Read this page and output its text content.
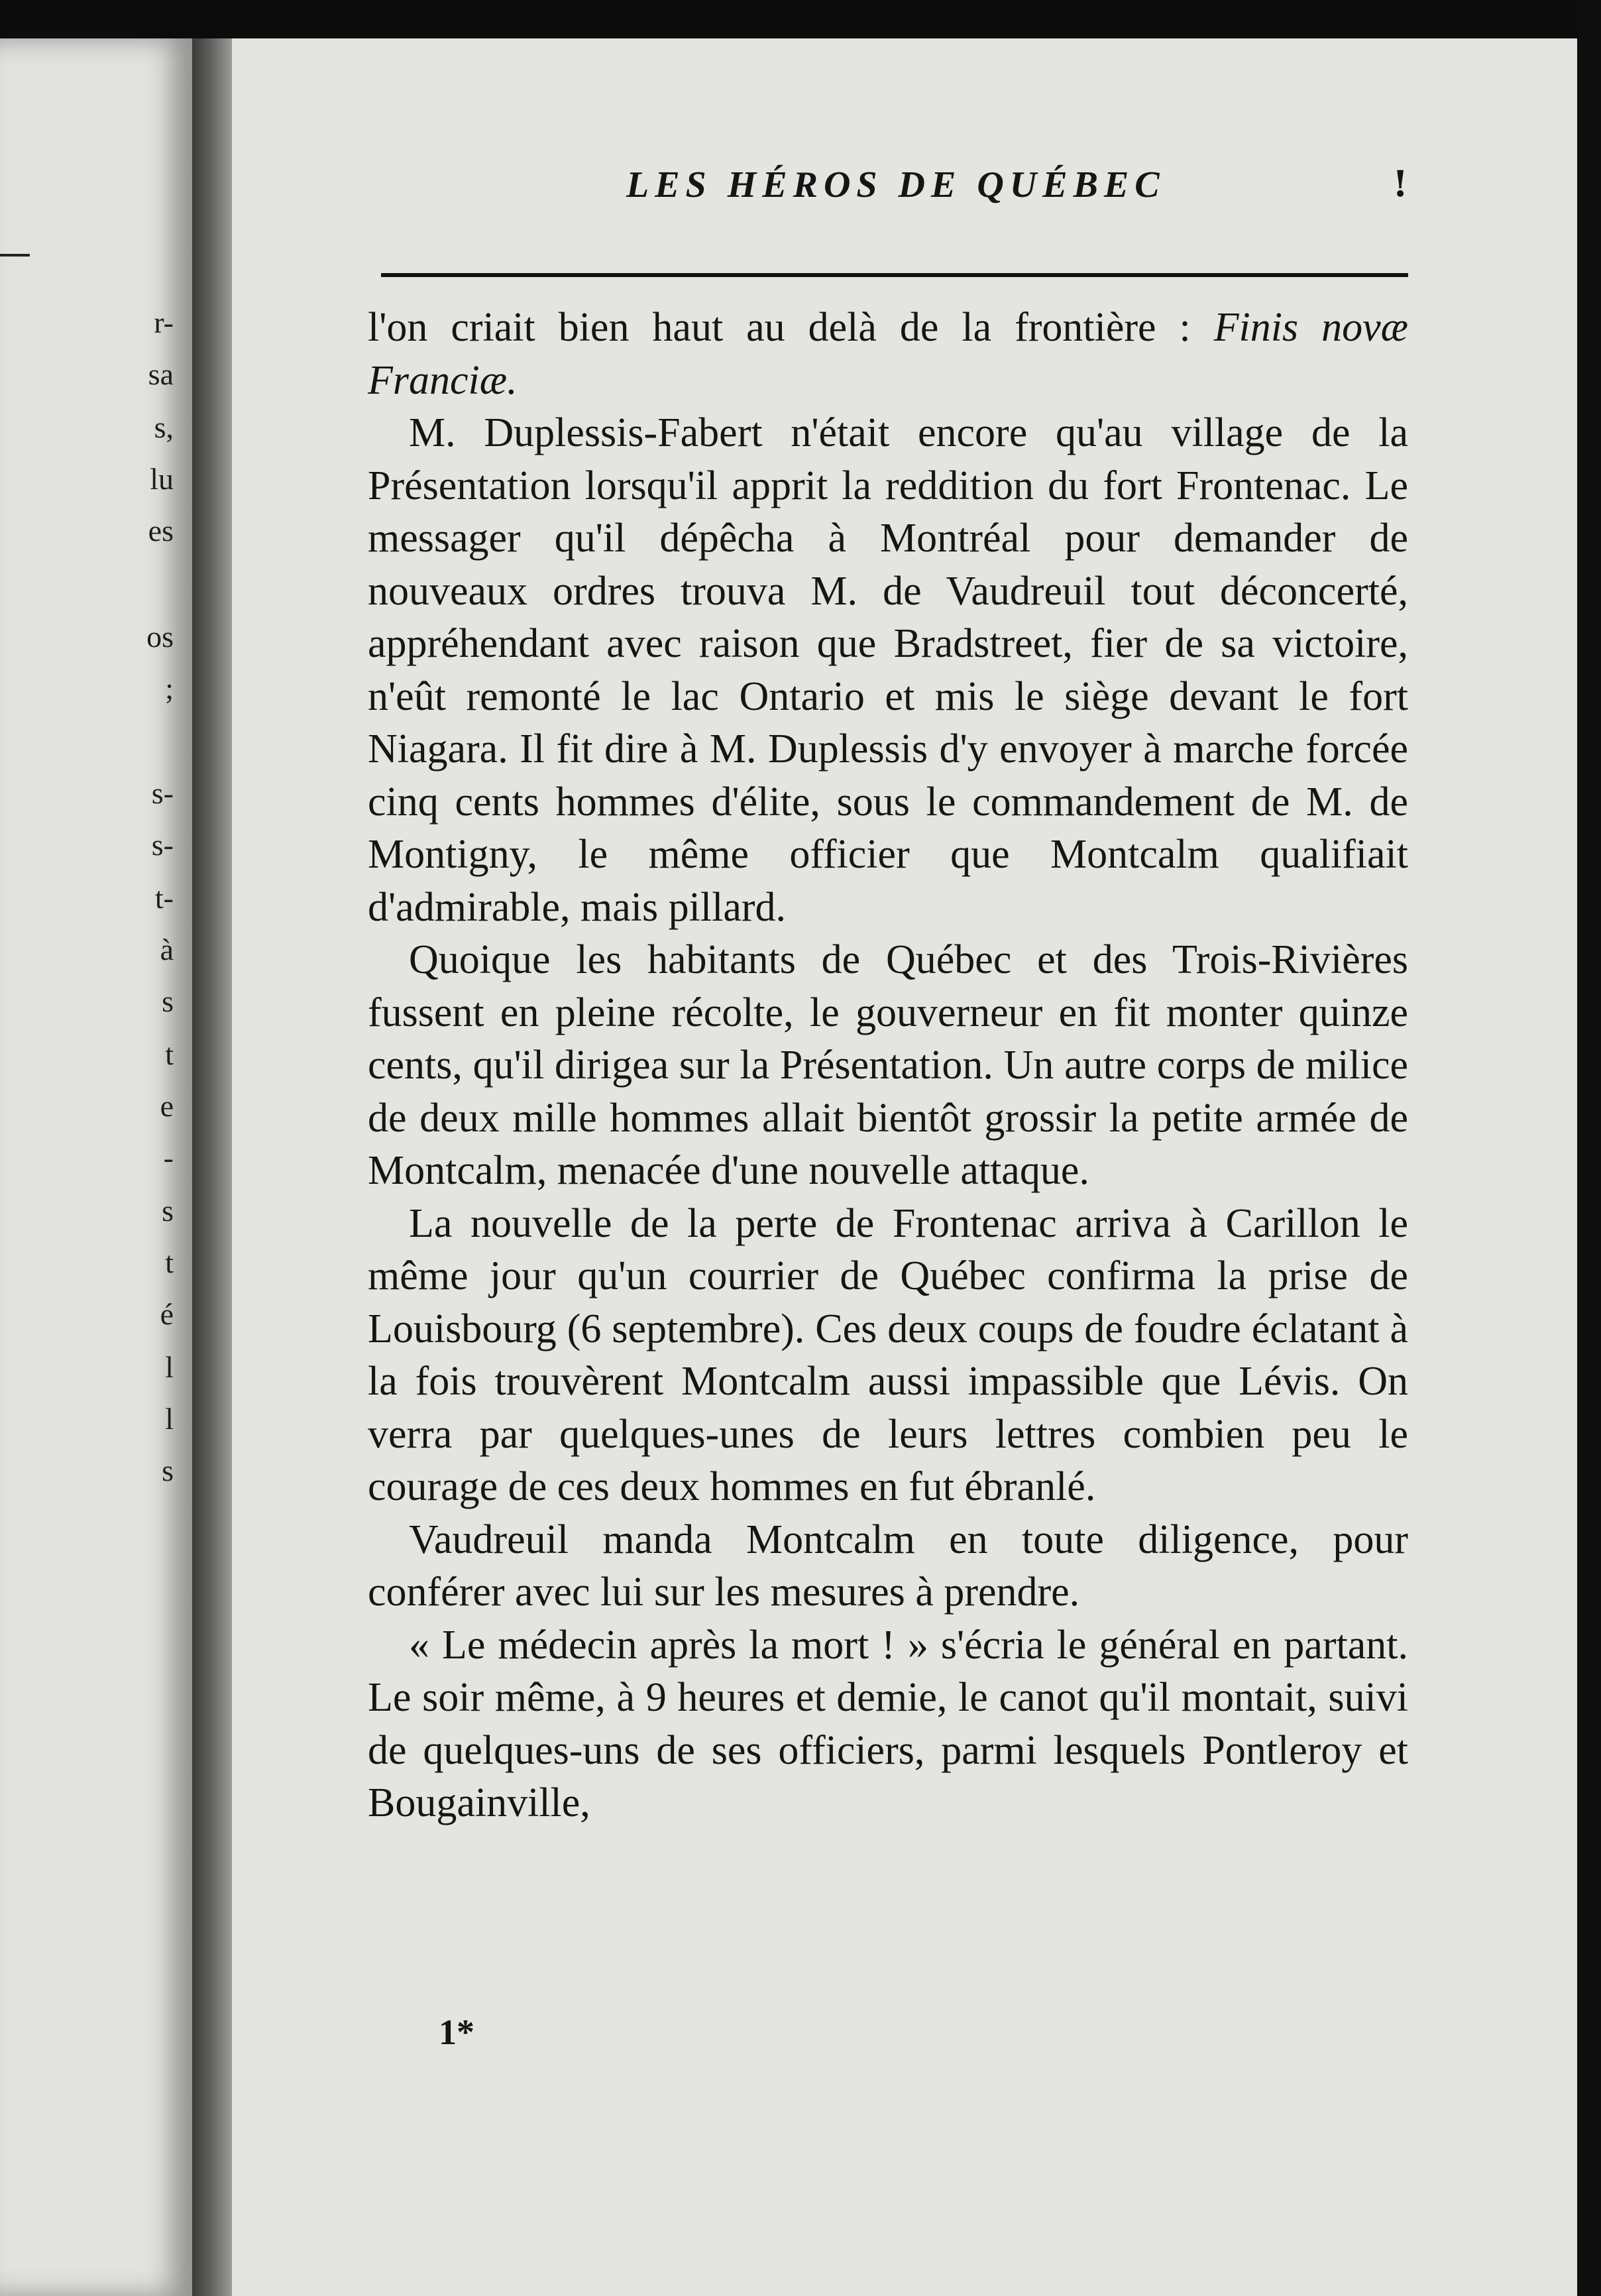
r-
sa
s,
lu
es
os
;
s-
s-
t-
à
s
t
e
-
s
t
é
l
l
s
LES HÉROS DE QUÉBEC	!

l'on criait bien haut au delà de la frontière : Finis novæ Franciæ.

M. Duplessis-Fabert n'était encore qu'au village de la Présentation lorsqu'il apprit la reddition du fort Frontenac. Le messager qu'il dépêcha à Montréal pour demander de nouveaux ordres trouva M. de Vaudreuil tout déconcerté, appréhendant avec raison que Bradstreet, fier de sa victoire, n'eût remonté le lac Ontario et mis le siège devant le fort Niagara. Il fit dire à M. Duplessis d'y envoyer à marche forcée cinq cents hommes d'élite, sous le commandement de M. de Montigny, le même officier que Montcalm qualifiait d'admirable, mais pillard.

Quoique les habitants de Québec et des Trois-Rivières fussent en pleine récolte, le gouverneur en fit monter quinze cents, qu'il dirigea sur la Présentation. Un autre corps de milice de deux mille hommes allait bientôt grossir la petite armée de Montcalm, menacée d'une nouvelle attaque.

La nouvelle de la perte de Frontenac arriva à Carillon le même jour qu'un courrier de Québec confirma la prise de Louisbourg (6 septembre). Ces deux coups de foudre éclatant à la fois trouvèrent Montcalm aussi impassible que Lévis. On verra par quelques-unes de leurs lettres combien peu le courage de ces deux hommes en fut ébranlé.

Vaudreuil manda Montcalm en toute diligence, pour conférer avec lui sur les mesures à prendre.

« Le médecin après la mort ! » s'écria le général en partant. Le soir même, à 9 heures et demie, le canot qu'il montait, suivi de quelques-uns de ses officiers, parmi lesquels Pontleroy et Bougainville,

1*
